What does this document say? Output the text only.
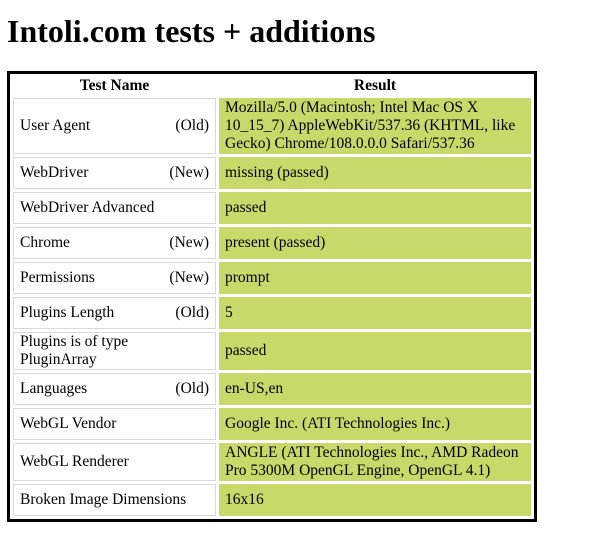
Intoli.com tests + additions
Test Name	Result

User Agent (Old)	Mozilla/5.0 (Macintosh; Intel Mac OS X 10_15_7) AppleWebKit/537.36 (KHTML, like Gecko) Chrome/108.0.0.0 Safari/537.36

WebDriver (New)	missing (passed)

WebDriver Advanced	passed

Chrome (New)	present (passed)

Permissions (New)	prompt

Plugins Length (Old)	5

Plugins is of type PluginArray	passed

Languages (Old)	en-US,en

WebGL Vendor	Google Inc. (ATI Technologies Inc.)

WebGL Renderer	ANGLE (ATI Technologies Inc., AMD Radeon Pro 5300M OpenGL Engine, OpenGL 4.1)

Broken Image Dimensions	16x16
